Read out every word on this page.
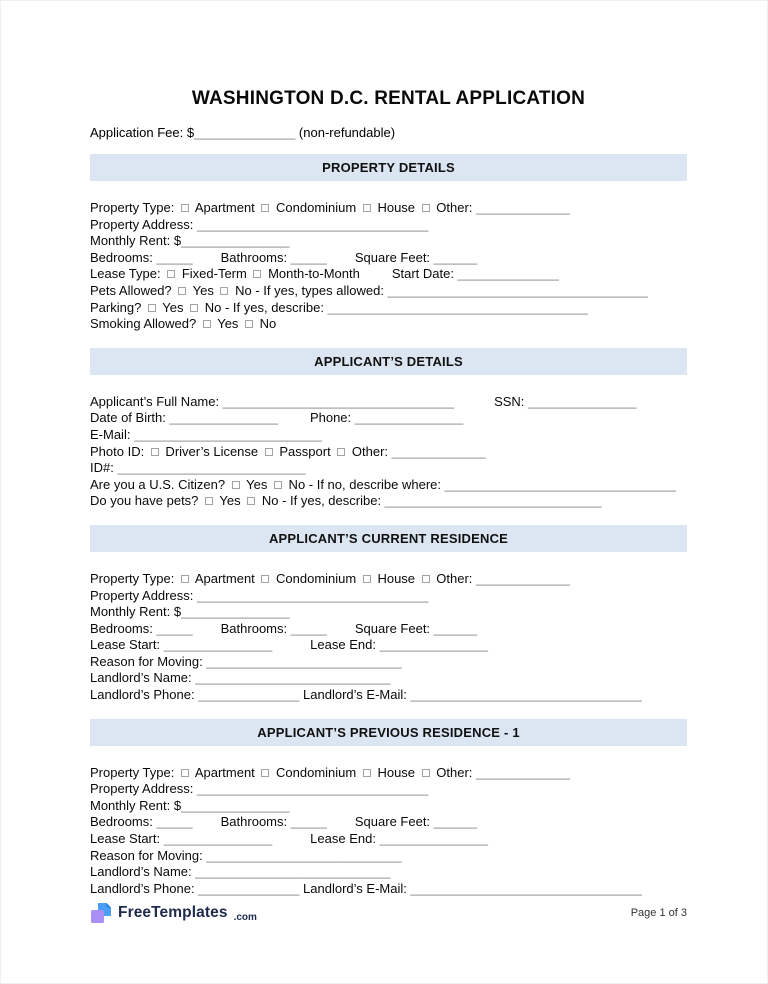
WASHINGTON D.C. RENTAL APPLICATION
Application Fee: $______________ (non-refundable)
PROPERTY DETAILS
Property Type:  Apartment  Condominium  House  Other: _____________
Property Address: ________________________________
Monthly Rent: $_______________
Bedrooms: _____ Bathrooms: _____ Square Feet: ______
Lease Type:  Fixed-Term  Month-to-Month Start Date: ______________
Pets Allowed?  Yes  No - If yes, types allowed: ____________________________________
Parking?  Yes  No - If yes, describe: ____________________________________
Smoking Allowed?  Yes  No
APPLICANT’S DETAILS
Applicant’s Full Name: ________________________________	SSN: _______________
Date of Birth: _______________ Phone: _______________
E-Mail: __________________________
Photo ID:  Driver’s License  Passport  Other: _____________
ID#: __________________________
Are you a U.S. Citizen?  Yes  No - If no, describe where: ________________________________
Do you have pets?  Yes  No - If yes, describe: ______________________________
APPLICANT’S CURRENT RESIDENCE
Property Type:  Apartment  Condominium  House  Other: _____________
Property Address: ________________________________
Monthly Rent: $_______________
Bedrooms: _____ Bathrooms: _____ Square Feet: ______
Lease Start: _______________	Lease End: _______________
Reason for Moving: ___________________________
Landlord’s Name: ___________________________
Landlord’s Phone: ______________ Landlord’s E-Mail: ________________________________
APPLICANT’S PREVIOUS RESIDENCE - 1
Property Type:  Apartment  Condominium  House  Other: _____________
Property Address: ________________________________
Monthly Rent: $_______________
Bedrooms: _____ Bathrooms: _____ Square Feet: ______
Lease Start: _______________	Lease End: _______________
Reason for Moving: ___________________________
Landlord’s Name: ___________________________
Landlord’s Phone: ______________ Landlord’s E-Mail: ________________________________
FreeTemplates .com	Page 1 of 3
